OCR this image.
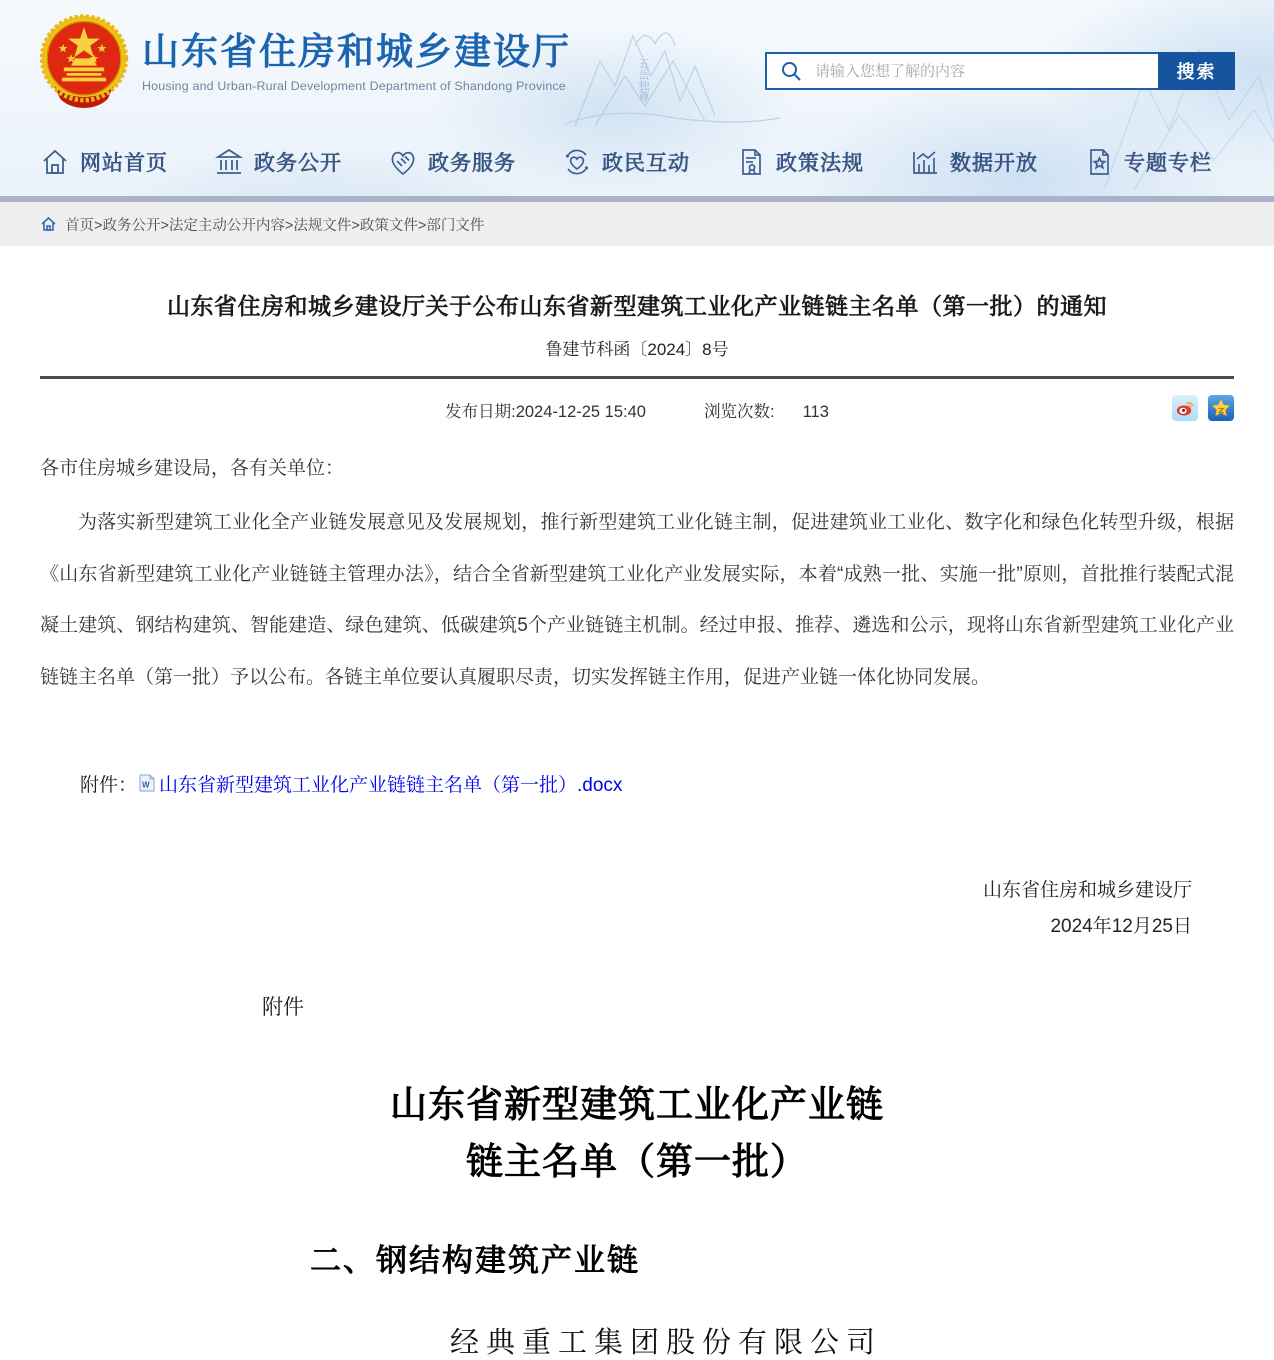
五岳独尊
山东省住房和城乡建设厅
Housing and Urban-Rural Development Department of Shandong Province
请输入您想了解的内容
搜索
网站首页	政务公开	政务服务	政民互动	政策法规	数据开放	专题专栏
首页>政务公开>法定主动公开内容>法规文件>政策文件>部门文件
山东省住房和城乡建设厅关于公布山东省新型建筑工业化产业链链主名单（第一批）的通知
鲁建节科函〔2024〕8号
发布日期:2024-12-25 15:40	浏览次数: 113

各市住房城乡建设局，各有关单位：

为落实新型建筑工业化全产业链发展意见及发展规划，推行新型建筑工业化链主制，促进建筑业工业化、数字化和绿色化转型升级，根据《山东省新型建筑工业化产业链链主管理办法》，结合全省新型建筑工业化产业发展实际，本着“成熟一批、实施一批”原则，首批推行装配式混凝土建筑、钢结构建筑、智能建造、绿色建筑、低碳建筑5个产业链链主机制。经过申报、推荐、遴选和公示，现将山东省新型建筑工业化产业链链主名单（第一批）予以公布。各链主单位要认真履职尽责，切实发挥链主作用，促进产业链一体化协同发展。

附件： W 山东省新型建筑工业化产业链链主名单（第一批）.docx
山东省住房和城乡建设厅
2024年12月25日
附件
山东省新型建筑工业化产业链
链主名单（第一批）
二、钢结构建筑产业链
经典重工集团股份有限公司
